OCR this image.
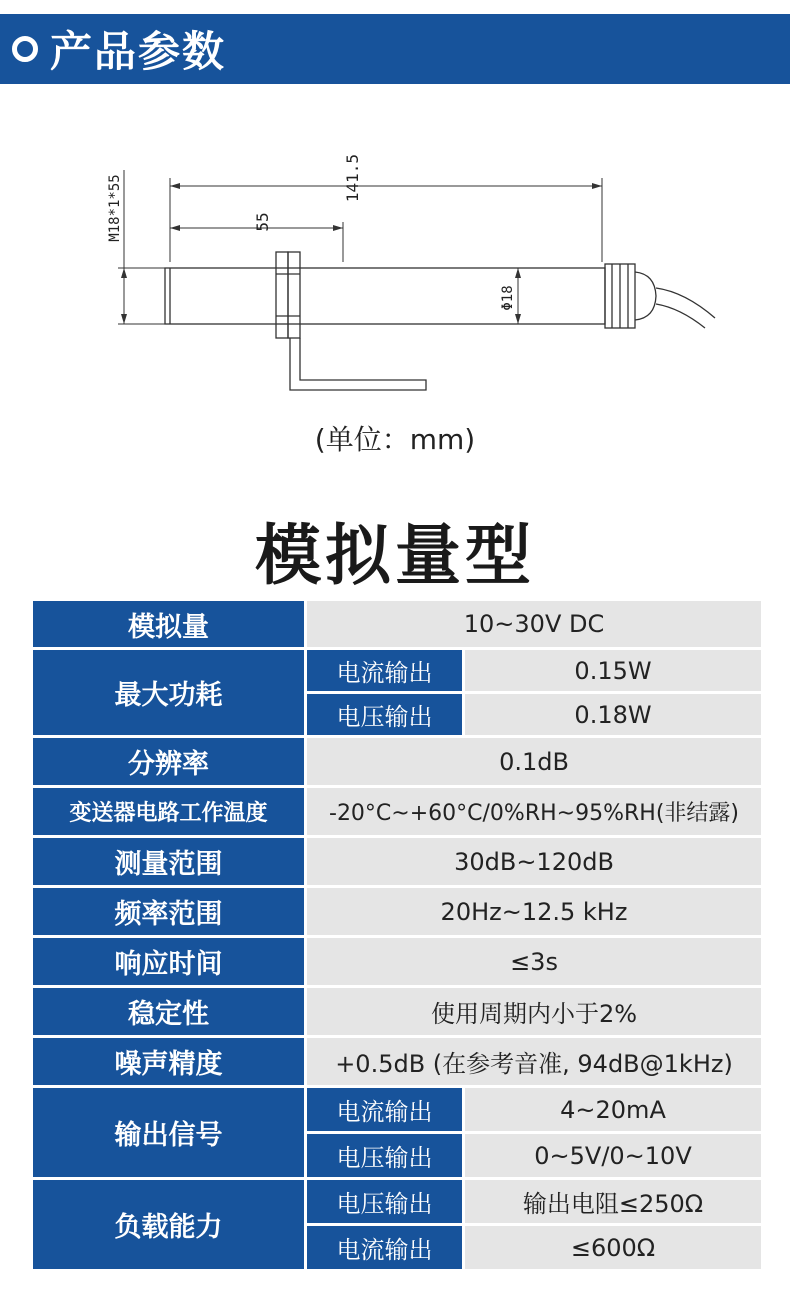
产品参数
141.5
55
M18*1*55
Φ18
(单位：mm)
模拟量型
模拟量	10~30V DC	
最大功耗	电流输出	0.15W
	电压输出	0.18W
分辨率	0.1dB	
变送器电路工作温度	-20°C~+60°C/0%RH~95%RH(非结露)	
测量范围	30dB~120dB	
频率范围	20Hz~12.5 kHz	
响应时间	≤3s	
稳定性	使用周期内小于2%	
噪声精度	+0.5dB (在参考音准, 94dB@1kHz)	
输出信号	电流输出	4~20mA
	电压输出	0~5V/0~10V
负载能力	电压输出	输出电阻≤250Ω
	电流输出	≤600Ω
